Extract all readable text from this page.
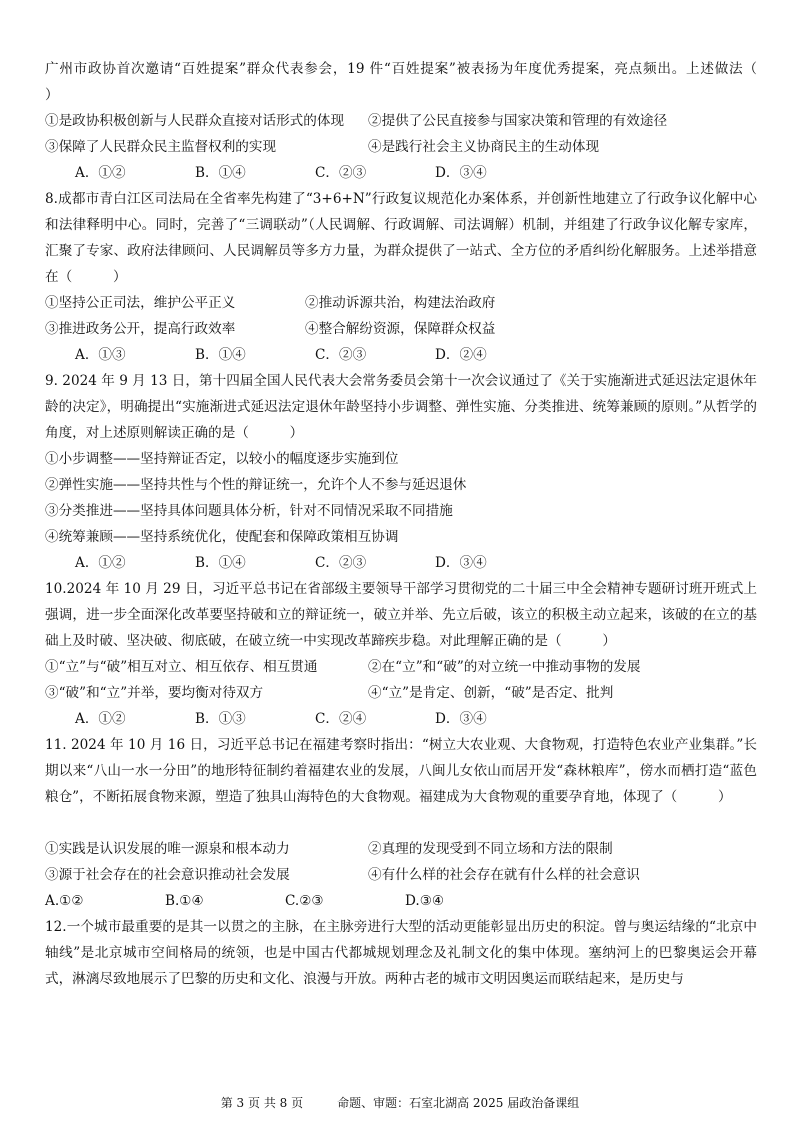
广州市政协首次邀请“百姓提案”群众代表参会，19 件“百姓提案”被表扬为年度优秀提案，亮点频出。上述做法（　　　）
①是政协积极创新与人民群众直接对话形式的体现	②提供了公民直接参与国家决策和管理的有效途径
③保障了人民群众民主监督权利的实现	④是践行社会主义协商民主的生动体现
A．①②	B．①④	C．②③	D．③④
8.成都市青白江区司法局在全省率先构建了“3+6+N”行政复议规范化办案体系，并创新性地建立了行政争议化解中心和法律释明中心。同时，完善了“三调联动”（人民调解、行政调解、司法调解）机制，并组建了行政争议化解专家库，汇聚了专家、政府法律顾问、人民调解员等多方力量，为群众提供了一站式、全方位的矛盾纠纷化解服务。上述举措意在（　　　）
①坚持公正司法，维护公平正义	②推动诉源共治，构建法治政府
③推进政务公开，提高行政效率	④整合解纷资源，保障群众权益
A．①③	B．①④	C．②③	D．②④
9. 2024 年 9 月 13 日，第十四届全国人民代表大会常务委员会第十一次会议通过了《关于实施渐进式延迟法定退休年龄的决定》，明确提出“实施渐进式延迟法定退休年龄坚持小步调整、弹性实施、分类推进、统筹兼顾的原则。”从哲学的角度，对上述原则解读正确的是（　　　）
①小步调整——坚持辩证否定，以较小的幅度逐步实施到位
②弹性实施——坚持共性与个性的辩证统一，允许个人不参与延迟退休
③分类推进——坚持具体问题具体分析，针对不同情况采取不同措施
④统筹兼顾——坚持系统优化，使配套和保障政策相互协调
A．①②	B．①④	C．②③	D．③④
10.2024 年 10 月 29 日，习近平总书记在省部级主要领导干部学习贯彻党的二十届三中全会精神专题研讨班开班式上强调，进一步全面深化改革要坚持破和立的辩证统一，破立并举、先立后破，该立的积极主动立起来，该破的在立的基础上及时破、坚决破、彻底破，在破立统一中实现改革蹄疾步稳。对此理解正确的是（　　　）
①“立”与“破”相互对立、相互依存、相互贯通	②在“立”和“破”的对立统一中推动事物的发展
③“破”和“立”并举，要均衡对待双方	④“立”是肯定、创新，“破”是否定、批判
A．①②	B．①③	C．②④	D．③④
11. 2024 年 10 月 16 日，习近平总书记在福建考察时指出：“树立大农业观、大食物观，打造特色农业产业集群。”长期以来“八山一水一分田”的地形特征制约着福建农业的发展，八闽儿女依山而居开发“森林粮库”，傍水而栖打造“蓝色粮仓”，不断拓展食物来源，塑造了独具山海特色的大食物观。福建成为大食物观的重要孕育地，体现了（　　　）
①实践是认识发展的唯一源泉和根本动力	②真理的发现受到不同立场和方法的限制
③源于社会存在的社会意识推动社会发展	④有什么样的社会存在就有什么样的社会意识
A.①②	B.①④	C.②③	D.③④
12.一个城市最重要的是其一以贯之的主脉，在主脉旁进行大型的活动更能彰显出历史的积淀。曾与奥运结缘的“北京中轴线”是北京城市空间格局的统领，也是中国古代都城规划理念及礼制文化的集中体现。塞纳河上的巴黎奥运会开幕式，淋漓尽致地展示了巴黎的历史和文化、浪漫与开放。两种古老的城市文明因奥运而联结起来，是历史与
第 3 页 共 8 页	命题、审题：石室北湖高 2025 届政治备课组
